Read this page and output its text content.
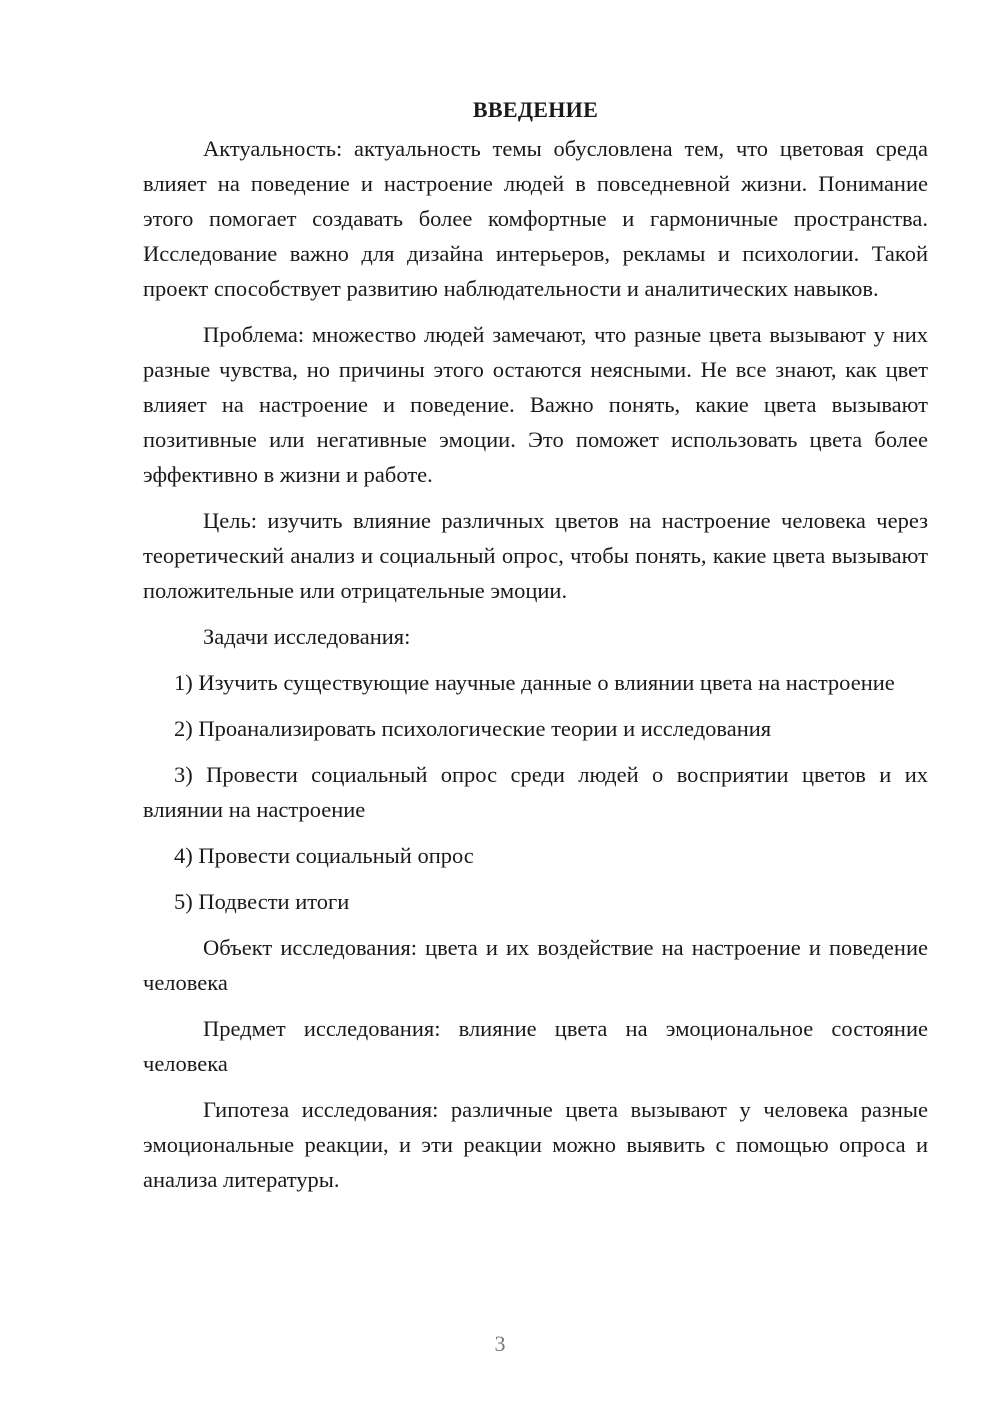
ВВЕДЕНИЕ

Актуальность: актуальность темы обусловлена тем, что цветовая среда влияет на поведение и настроение людей в повседневной жизни. Понимание этого помогает создавать более комфортные и гармоничные пространства. Исследование важно для дизайна интерьеров, рекламы и психологии. Такой проект способствует развитию наблюдательности и аналитических навыков.

Проблема: множество людей замечают, что разные цвета вызывают у них разные чувства, но причины этого остаются неясными. Не все знают, как цвет влияет на настроение и поведение. Важно понять, какие цвета вызывают позитивные или негативные эмоции. Это поможет использовать цвета более эффективно в жизни и работе.

Цель: изучить влияние различных цветов на настроение человека через теоретический анализ и социальный опрос, чтобы понять, какие цвета вызывают положительные или отрицательные эмоции.

Задачи исследования:

1) Изучить существующие научные данные о влиянии цвета на настроение

2) Проанализировать психологические теории и исследования

3) Провести социальный опрос среди людей о восприятии цветов и их влиянии на настроение

4) Провести социальный опрос

5) Подвести итоги

Объект исследования: цвета и их воздействие на настроение и поведение человека

Предмет исследования: влияние цвета на эмоциональное состояние человека

Гипотеза исследования: различные цвета вызывают у человека разные эмоциональные реакции, и эти реакции можно выявить с помощью опроса и анализа литературы.

3
